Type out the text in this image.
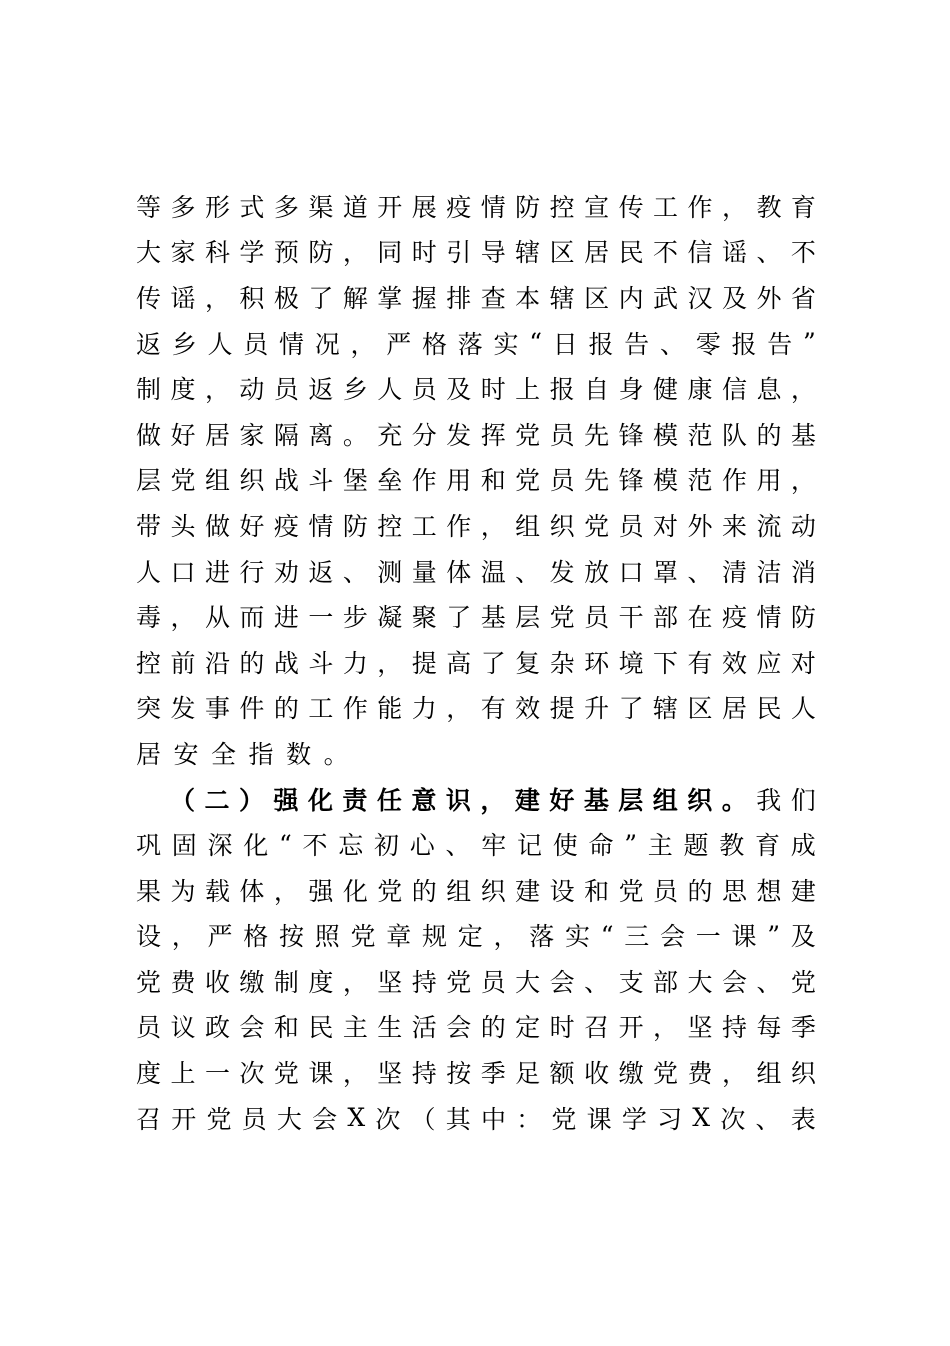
等 多 形 式 多 渠 道 开 展 疫 情 防 控 宣 传 工 作 ， 教 育
大 家 科 学 预 防 ， 同 时 引 导 辖 区 居 民 不 信 谣 、 不
传 谣 ， 积 极 了 解 掌 握 排 查 本 辖 区 内 武 汉 及 外 省
返 乡 人 员 情 况 ， 严 格 落 实 “ 日 报 告 、 零 报 告 ”
制 度 ， 动 员 返 乡 人 员 及 时 上 报 自 身 健 康 信 息 ，
做 好 居 家 隔 离 。 充 分 发 挥 党 员 先 锋 模 范 队 的 基
层 党 组 织 战 斗 堡 垒 作 用 和 党 员 先 锋 模 范 作 用 ，
带 头 做 好 疫 情 防 控 工 作 ， 组 织 党 员 对 外 来 流 动
人 口 进 行 劝 返 、 测 量 体 温 、 发 放 口 罩 、 清 洁 消
毒 ， 从 而 进 一 步 凝 聚 了 基 层 党 员 干 部 在 疫 情 防
控 前 沿 的 战 斗 力 ， 提 高 了 复 杂 环 境 下 有 效 应 对
突 发 事 件 的 工 作 能 力 ， 有 效 提 升 了 辖 区 居 民 人
居 安 全 指 数 。
（ 二 ） 强 化 责 任 意 识 ， 建 好 基 层 组 织 。 我 们
巩 固 深 化 “ 不 忘 初 心 、 牢 记 使 命 ” 主 题 教 育 成
果 为 载 体 ， 强 化 党 的 组 织 建 设 和 党 员 的 思 想 建
设 ， 严 格 按 照 党 章 规 定 ， 落 实 “ 三 会 一 课 ” 及
党 费 收 缴 制 度 ， 坚 持 党 员 大 会 、 支 部 大 会 、 党
员 议 政 会 和 民 主 生 活 会 的 定 时 召 开 ， 坚 持 每 季
度 上 一 次 党 课 ， 坚 持 按 季 足 额 收 缴 党 费 ， 组 织
召 开 党 员 大 会 X 次 （ 其 中 ： 党 课 学 习 X 次 、 表
